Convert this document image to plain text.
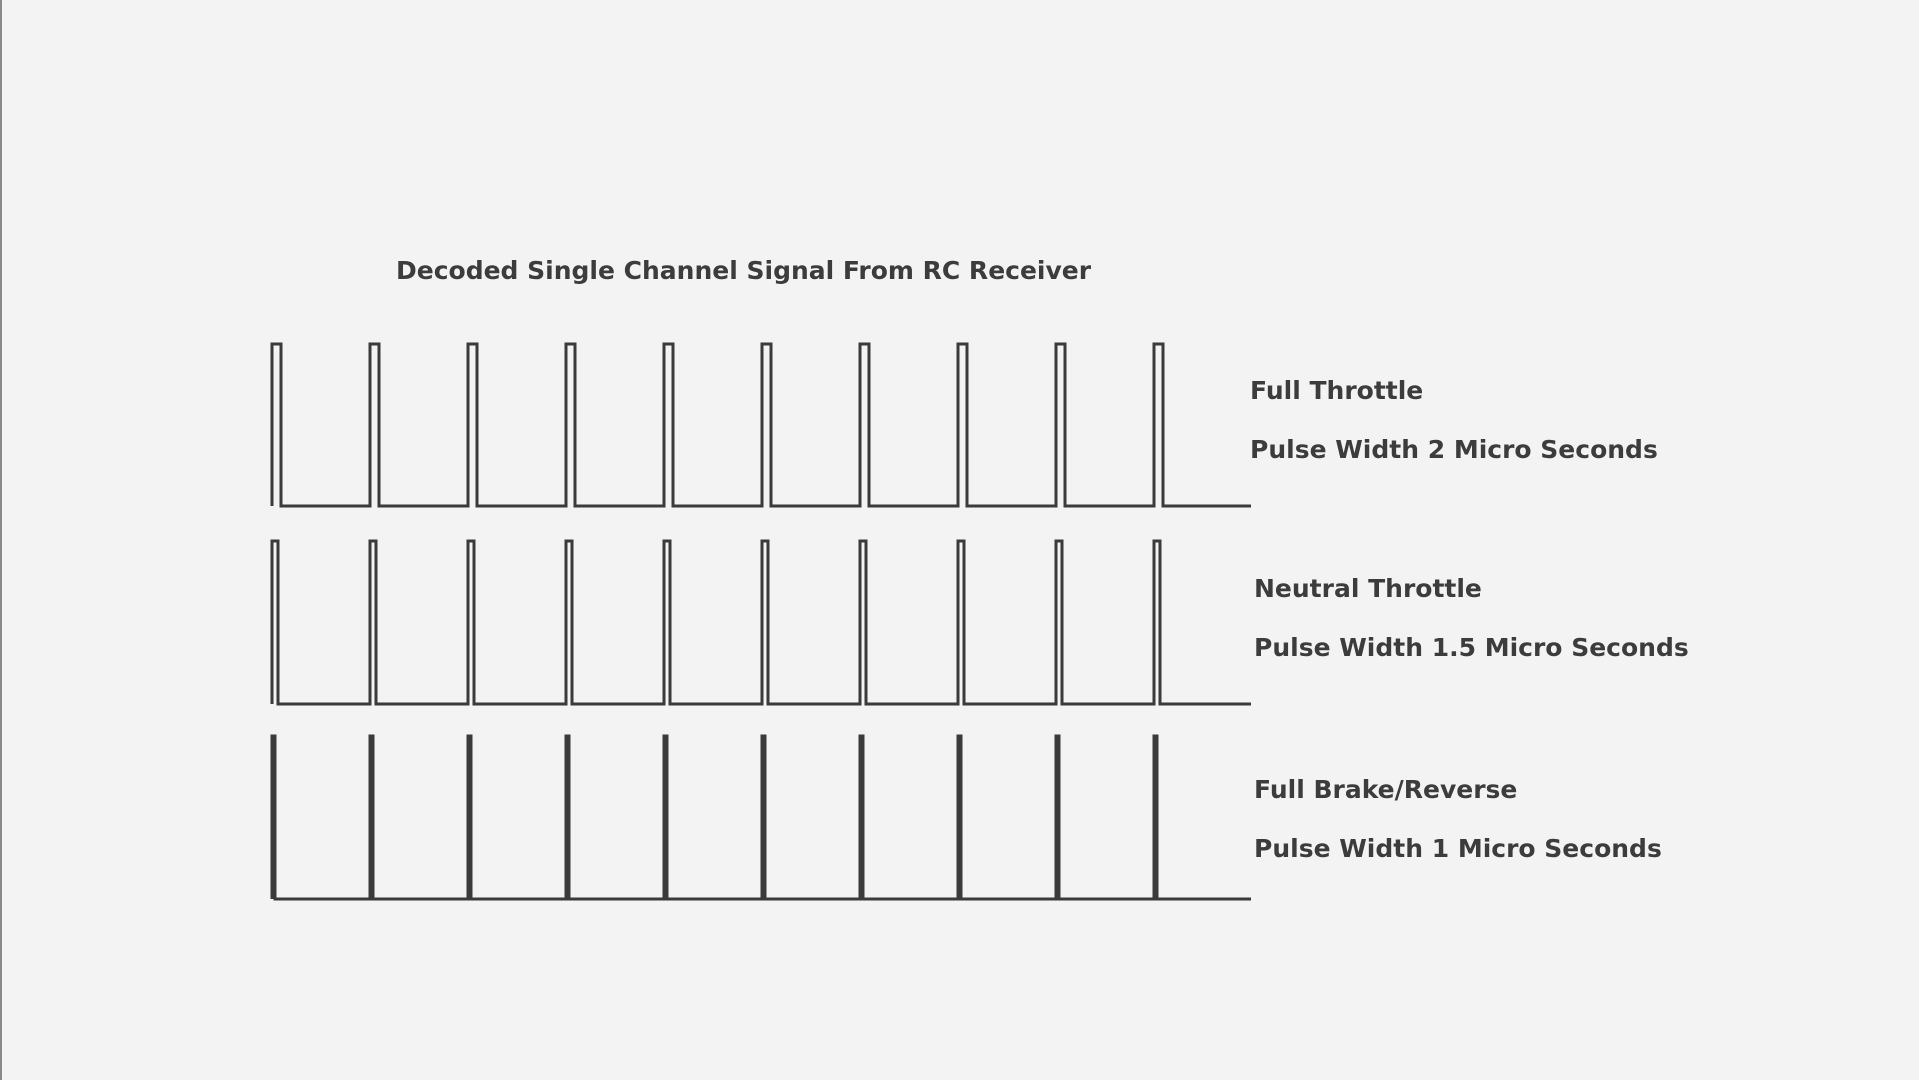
Decoded Single Channel Signal From RC Receiver
Full Throttle
Pulse Width 2 Micro Seconds
Neutral Throttle
Pulse Width 1.5 Micro Seconds
Full Brake/Reverse
Pulse Width 1 Micro Seconds
